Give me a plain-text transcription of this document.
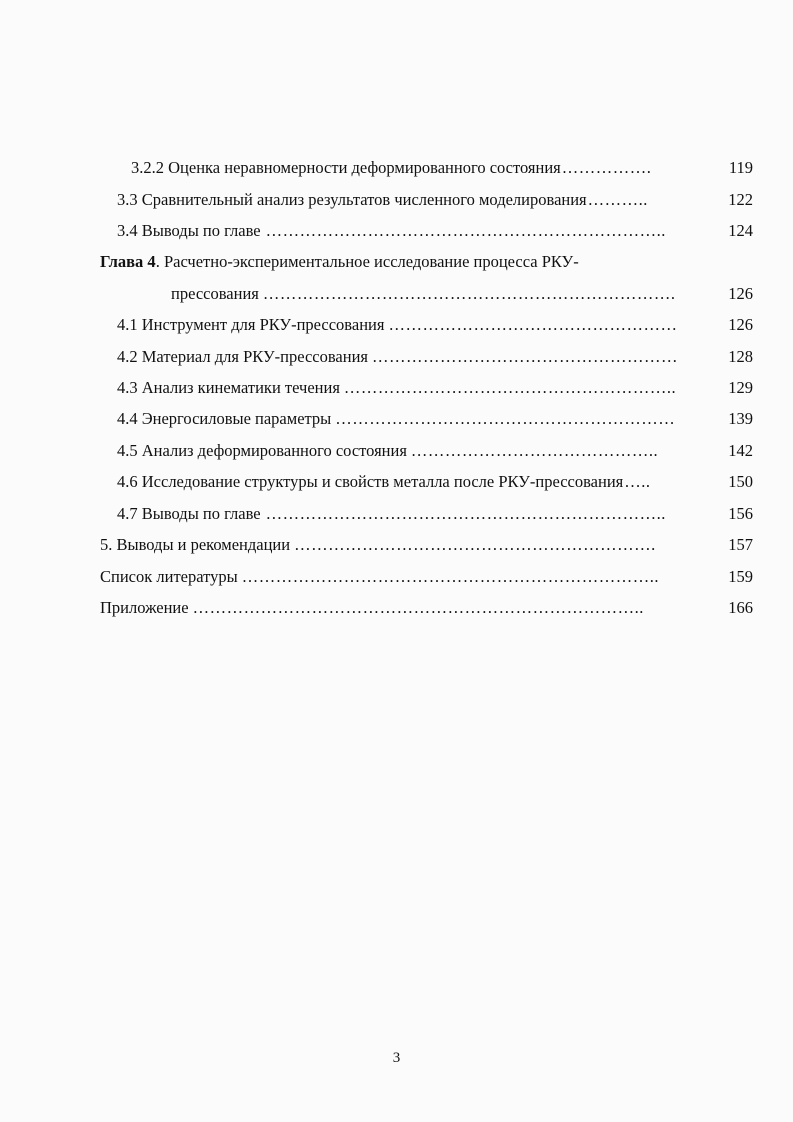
3.2.2 Оценка неравномерности деформированного состояния …………….	119
3.3 Сравнительный анализ результатов численного моделирования ………..	122
3.4 Выводы по главе ……………………………………………………………..	124
Глава 4 . Расчетно-экспериментальное исследование процесса РКУ-
прессования ……………………………………………………………….	126
4.1 Инструмент для РКУ-прессования ……………………………………………	126
4.2 Материал для РКУ-прессования ………………………………………………	128
4.3 Анализ кинематики течения …………………………………………………..	129
4.4 Энергосиловые параметры ……………………………………………………	139
4.5 Анализ деформированного состояния ……………………………………..	142
4.6 Исследование структуры и свойств металла после РКУ-прессования …..	150
4.7 Выводы по главе ……………………………………………………………..	156
5. Выводы и рекомендации ……………………………………………………….	157
Список литературы ………………………………………………………………..	159
Приложение ……………………………………………………………………..	166
3
